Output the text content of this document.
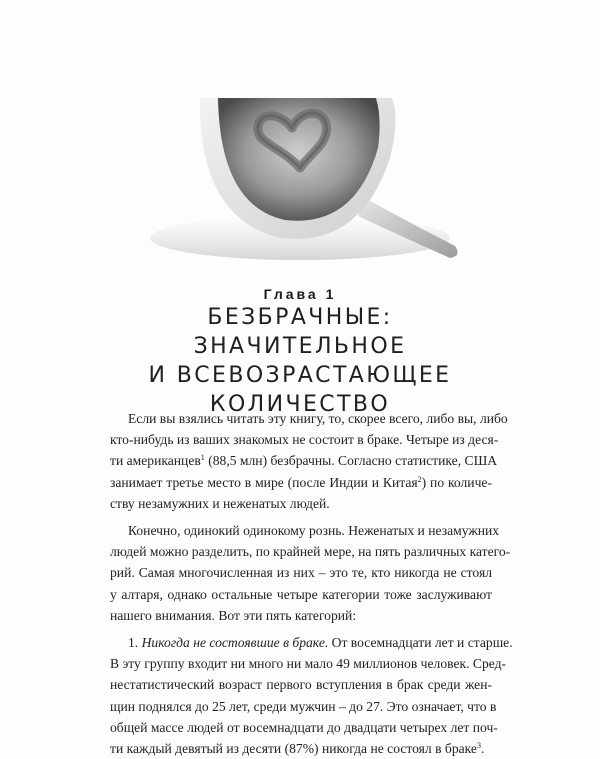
Глава 1
БЕЗБРАЧНЫЕ:
ЗНАЧИТЕЛЬНОЕ
И ВСЕВОЗРАСТАЮЩЕЕ
КОЛИЧЕСТВО
Если вы взялись читать эту книгу, то, скорее всего, либо вы, либо
кто-нибудь из ваших знакомых не состоит в браке. Четыре из деся-
ти американцев$^1$ (88,5 млн) безбрачны. Согласно статистике, США
занимает третье место в мире (после Индии и Китая$^2$) по количе-
ству незамужних и неженатых людей.
Конечно, одинокий одинокому рознь. Неженатых и незамужних
людей можно разделить, по крайней мере, на пять различных катего-
рий. Самая многочисленная из них – это те, кто никогда не стоял
у алтаря, однако остальные четыре категории тоже заслуживают
нашего внимания. Вот эти пять категорий:
1. Никогда не состоявшие в браке. От восемнадцати лет и старше.
В эту группу входит ни много ни мало 49 миллионов человек. Сред-
нестатистический возраст первого вступления в брак среди жен-
щин поднялся до 25 лет, среди мужчин – до 27. Это означает, что в
общей массе людей от восемнадцати до двадцати четырех лет поч-
ти каждый девятый из десяти (87%) никогда не состоял в браке$^3$.
